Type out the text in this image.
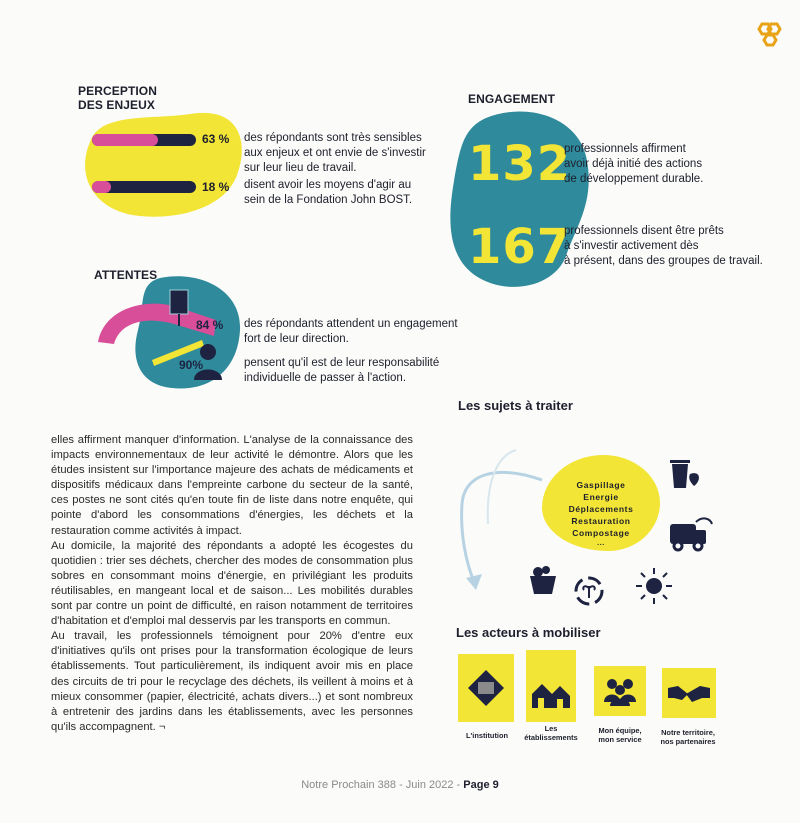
PERCEPTION
DES ENJEUX
63 %
18 %
des répondants sont très sensibles
aux enjeux et ont envie de s'investir
sur leur lieu de travail.
disent avoir les moyens d'agir au
sein de la Fondation John BOST.
ENGAGEMENT
132
professionnels affirment
avoir déjà initié des actions
de développement durable.
167
professionnels disent être prêts
à s'investir activement dès
à présent, dans des groupes de travail.
ATTENTES
84 %
90%
des répondants attendent un engagement
fort de leur direction.
pensent qu'il est de leur responsabilité
individuelle de passer à l'action.

elles affirment manquer d'information. L'analyse de la connaissance des impacts environnementaux de leur activité le démontre. Alors que les études insistent sur l'importance majeure des achats de médicaments et dispositifs médicaux dans l'empreinte carbone du secteur de la santé, ces postes ne sont cités qu'en toute fin de liste dans notre enquête, qui pointe d'abord les consommations d'énergies, les déchets et la restauration comme activités à impact.

Au domicile, la majorité des répondants a adopté les écogestes du quotidien : trier ses déchets, chercher des modes de consommation plus sobres en consommant moins d'énergie, en privilégiant les produits réutilisables, en mangeant local et de saison... Les mobilités durables sont par contre un point de difficulté, en raison notamment de territoires d'habitation et d'emploi mal desservis par les transports en commun.

Au travail, les professionnels témoignent pour 20% d'entre eux d'initiatives qu'ils ont prises pour la transformation écologique de leurs établissements. Tout particulièrement, ils indiquent avoir mis en place des circuits de tri pour le recyclage des déchets, ils veillent à moins et à mieux consommer (papier, électricité, achats divers...) et sont nombreux à entretenir des jardins dans les établissements, avec les personnes qu'ils accompagnent. ¬

Les sujets à traiter
Gaspillage
Energie
Déplacements
Restauration
Compostage
...
Les acteurs à mobiliser
L'institution
Les
établissements
Mon équipe,
mon service
Notre territoire,
nos partenaires
Notre Prochain 388 - Juin 2022 - Page 9
